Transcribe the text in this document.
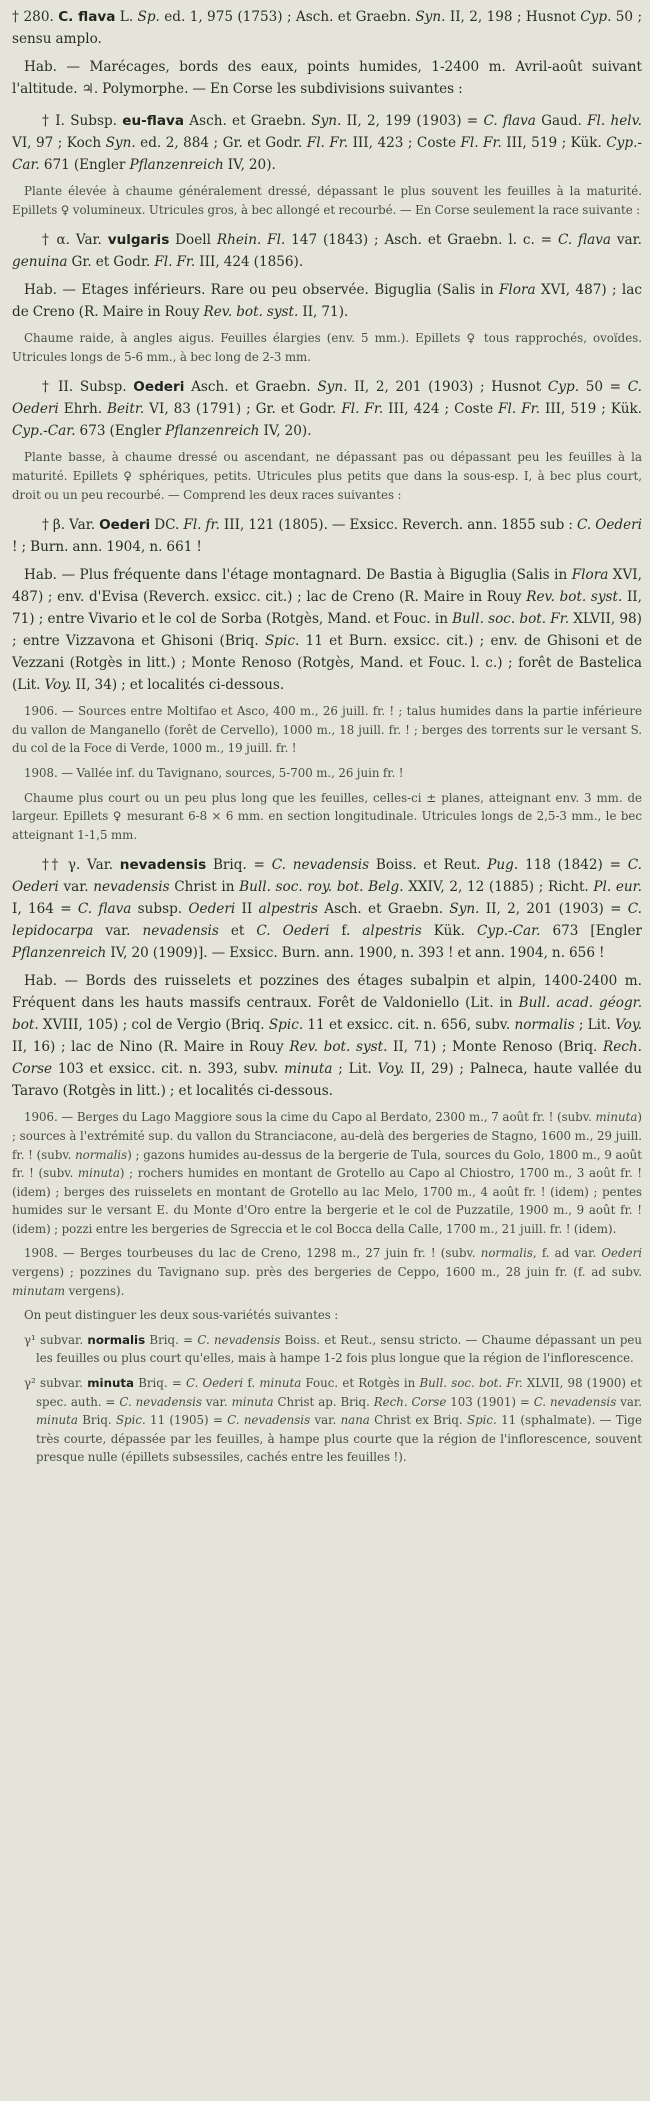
† 280. C. flava L. Sp. ed. 1, 975 (1753) ; Asch. et Graebn. Syn. II, 2, 198 ; Husnot Cyp. 50 ; sensu amplo.

Hab. — Marécages, bords des eaux, points humides, 1-2400 m. Avril-août suivant l'altitude. ♃. Polymorphe. — En Corse les subdivisions suivantes :

† I. Subsp. eu-flava Asch. et Graebn. Syn. II, 2, 199 (1903) = C. flava Gaud. Fl. helv. VI, 97 ; Koch Syn. ed. 2, 884 ; Gr. et Godr. Fl. Fr. III, 423 ; Coste Fl. Fr. III, 519 ; Kük. Cyp.-Car. 671 (Engler Pflanzenreich IV, 20).

Plante élevée à chaume généralement dressé, dépassant le plus souvent les feuilles à la maturité. Epillets ♀ volumineux. Utricules gros, à bec allongé et recourbé. — En Corse seulement la race suivante :

† α. Var. vulgaris Doell Rhein. Fl. 147 (1843) ; Asch. et Graebn. l. c. = C. flava var. genuina Gr. et Godr. Fl. Fr. III, 424 (1856).

Hab. — Etages inférieurs. Rare ou peu observée. Biguglia (Salis in Flora XVI, 487) ; lac de Creno (R. Maire in Rouy Rev. bot. syst. II, 71).

Chaume raide, à angles aigus. Feuilles élargies (env. 5 mm.). Epillets ♀ tous rapprochés, ovoïdes. Utricules longs de 5-6 mm., à bec long de 2-3 mm.

† II. Subsp. Oederi Asch. et Graebn. Syn. II, 2, 201 (1903) ; Husnot Cyp. 50 = C. Oederi Ehrh. Beitr. VI, 83 (1791) ; Gr. et Godr. Fl. Fr. III, 424 ; Coste Fl. Fr. III, 519 ; Kük. Cyp.-Car. 673 (Engler Pflanzenreich IV, 20).

Plante basse, à chaume dressé ou ascendant, ne dépassant pas ou dépassant peu les feuilles à la maturité. Epillets ♀ sphériques, petits. Utricules plus petits que dans la sous-esp. I, à bec plus court, droit ou un peu recourbé. — Comprend les deux races suivantes :

† β. Var. Oederi DC. Fl. fr. III, 121 (1805). — Exsicc. Reverch. ann. 1855 sub : C. Oederi ! ; Burn. ann. 1904, n. 661 !

Hab. — Plus fréquente dans l'étage montagnard. De Bastia à Biguglia (Salis in Flora XVI, 487) ; env. d'Evisa (Reverch. exsicc. cit.) ; lac de Creno (R. Maire in Rouy Rev. bot. syst. II, 71) ; entre Vivario et le col de Sorba (Rotgès, Mand. et Fouc. in Bull. soc. bot. Fr. XLVII, 98) ; entre Vizzavona et Ghisoni (Briq. Spic. 11 et Burn. exsicc. cit.) ; env. de Ghisoni et de Vezzani (Rotgès in litt.) ; Monte Renoso (Rotgès, Mand. et Fouc. l. c.) ; forêt de Bastelica (Lit. Voy. II, 34) ; et localités ci-dessous.

1906. — Sources entre Moltifao et Asco, 400 m., 26 juill. fr. ! ; talus humides dans la partie inférieure du vallon de Manganello (forêt de Cervello), 1000 m., 18 juill. fr. ! ; berges des torrents sur le versant S. du col de la Foce di Verde, 1000 m., 19 juill. fr. !

1908. — Vallée inf. du Tavignano, sources, 5-700 m., 26 juin fr. !

Chaume plus court ou un peu plus long que les feuilles, celles-ci ± planes, atteignant env. 3 mm. de largeur. Epillets ♀ mesurant 6-8 × 6 mm. en section longitudinale. Utricules longs de 2,5-3 mm., le bec atteignant 1-1,5 mm.

†† γ. Var. nevadensis Briq. = C. nevadensis Boiss. et Reut. Pug. 118 (1842) = C. Oederi var. nevadensis Christ in Bull. soc. roy. bot. Belg. XXIV, 2, 12 (1885) ; Richt. Pl. eur. I, 164 = C. flava subsp. Oederi II alpestris Asch. et Graebn. Syn. II, 2, 201 (1903) = C. lepidocarpa var. nevadensis et C. Oederi f. alpestris Kük. Cyp.-Car. 673 [Engler Pflanzenreich IV, 20 (1909)]. — Exsicc. Burn. ann. 1900, n. 393 ! et ann. 1904, n. 656 !

Hab. — Bords des ruisselets et pozzines des étages subalpin et alpin, 1400-2400 m. Fréquent dans les hauts massifs centraux. Forêt de Valdoniello (Lit. in Bull. acad. géogr. bot. XVIII, 105) ; col de Vergio (Briq. Spic. 11 et exsicc. cit. n. 656, subv. normalis ; Lit. Voy. II, 16) ; lac de Nino (R. Maire in Rouy Rev. bot. syst. II, 71) ; Monte Renoso (Briq. Rech. Corse 103 et exsicc. cit. n. 393, subv. minuta ; Lit. Voy. II, 29) ; Palneca, haute vallée du Taravo (Rotgès in litt.) ; et localités ci-dessous.

1906. — Berges du Lago Maggiore sous la cime du Capo al Berdato, 2300 m., 7 août fr. ! (subv. minuta) ; sources à l'extrémité sup. du vallon du Stranciacone, au-delà des bergeries de Stagno, 1600 m., 29 juill. fr. ! (subv. normalis) ; gazons humides au-dessus de la bergerie de Tula, sources du Golo, 1800 m., 9 août fr. ! (subv. minuta) ; rochers humides en montant de Grotello au Capo al Chiostro, 1700 m., 3 août fr. ! (idem) ; berges des ruisselets en montant de Grotello au lac Melo, 1700 m., 4 août fr. ! (idem) ; pentes humides sur le versant E. du Monte d'Oro entre la bergerie et le col de Puzzatile, 1900 m., 9 août fr. ! (idem) ; pozzi entre les bergeries de Sgreccia et le col Bocca della Calle, 1700 m., 21 juill. fr. ! (idem).

1908. — Berges tourbeuses du lac de Creno, 1298 m., 27 juin fr. ! (subv. normalis, f. ad var. Oederi vergens) ; pozzines du Tavignano sup. près des bergeries de Ceppo, 1600 m., 28 juin fr. (f. ad subv. minutam vergens).

On peut distinguer les deux sous-variétés suivantes :

γ¹ subvar. normalis Briq. = C. nevadensis Boiss. et Reut., sensu stricto. — Chaume dépassant un peu les feuilles ou plus court qu'elles, mais à hampe 1-2 fois plus longue que la région de l'inflorescence.

γ² subvar. minuta Briq. = C. Oederi f. minuta Fouc. et Rotgès in Bull. soc. bot. Fr. XLVII, 98 (1900) et spec. auth. = C. nevadensis var. minuta Christ ap. Briq. Rech. Corse 103 (1901) = C. nevadensis var. minuta Briq. Spic. 11 (1905) = C. nevadensis var. nana Christ ex Briq. Spic. 11 (sphalmate). — Tige très courte, dépassée par les feuilles, à hampe plus courte que la région de l'inflorescence, souvent presque nulle (épillets subsessiles, cachés entre les feuilles !).
